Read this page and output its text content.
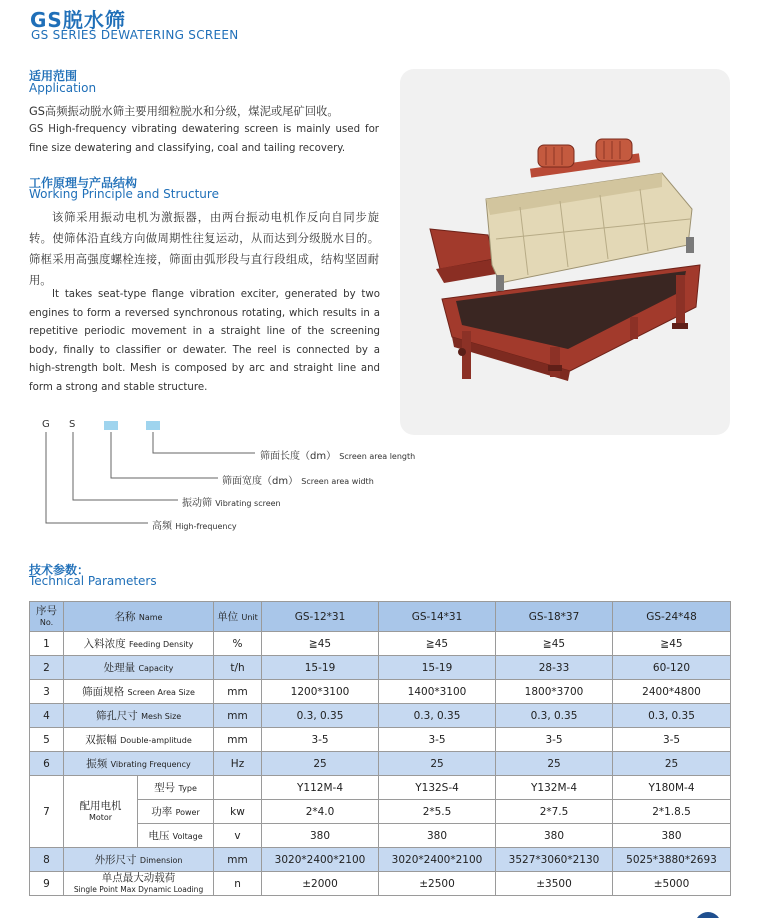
GS脱水筛
GS SERIES DEWATERING SCREEN
适用范围
Application
GS高频振动脱水筛主要用细粒脱水和分级，煤泥或尾矿回收。
GS High-frequency vibrating dewatering screen is mainly used for fine size dewatering and classifying, coal and tailing recovery.
工作原理与产品结构
Working Principle and Structure
该筛采用振动电机为激振器，由两台振动电机作反向自同步旋转。使筛体沿直线方向做周期性往复运动，从而达到分级脱水目的。筛框采用高强度螺栓连接，筛面由弧形段与直行段组成，结构坚固耐用。
It takes seat-type flange vibration exciter, generated by two engines to form a reversed synchronous rotating, which results in a repetitive periodic movement in a straight line of the screening body, finally to classifier or dewater. The reel is connected by a high-strength bolt. Mesh is composed by arc and straight line and form a strong and stable structure.
G S
筛面长度（dm） Screen area length
筛面宽度（dm） Screen area width
振动筛 Vibrating screen
高频 High-frequency
技术参数：
Technical Parameters
序号
No.	名称 Name		单位 Unit	GS-12*31	GS-14*31	GS-18*37	GS-24*48
1	入料浓度 Feeding Density		%	≧45	≧45	≧45	≧45
2	处理量 Capacity		t/h	15-19	15-19	28-33	60-120
3	筛面规格 Screen Area Size		mm	1200*3100	1400*3100	1800*3700	2400*4800
4	筛孔尺寸 Mesh Size		mm	0.3, 0.35	0.3, 0.35	0.3, 0.35	0.3, 0.35
5	双振幅 Double-amplitude		mm	3-5	3-5	3-5	3-5
6	振频 Vibrating Frequency		Hz	25	25	25	25
7	配用电机
Motor	型号 Type		Y112M-4	Y132S-4	Y132M-4	Y180M-4
		功率 Power	kw	2*4.0	2*5.5	2*7.5	2*1.8.5
		电压 Voltage	v	380	380	380	380
8	外形尺寸 Dimension		mm	3020*2400*2100	3020*2400*2100	3527*3060*2130	5025*3880*2693
9	单点最大动载荷
Single Point Max Dynamic Loading		n	±2000	±2500	±3500	±5000
